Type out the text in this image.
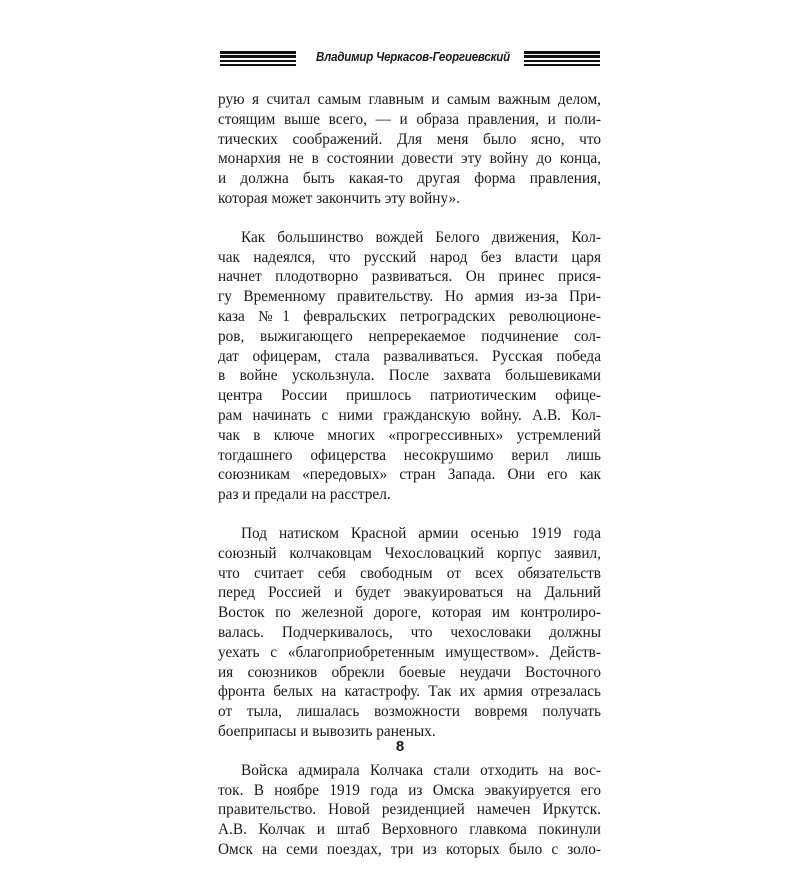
Владимир Черкасов-Георгиевский
рую я считал самым главным и самым важным делом,
стоящим выше всего, — и образа правления, и поли-
тических соображений. Для меня было ясно, что
монархия не в состоянии довести эту войну до конца,
и должна быть какая-то другая форма правления,
которая может закончить эту войну».
Как большинство вождей Белого движения, Кол-
чак надеялся, что русский народ без власти царя
начнет плодотворно развиваться. Он принес прися-
гу Временному правительству. Но армия из-за При-
каза №1 февральских петроградских революционе-
ров, выжигающего непререкаемое подчинение сол-
дат офицерам, стала разваливаться. Русская победа
в войне ускользнула. После захвата большевиками
центра России пришлось патриотическим офице-
рам начинать с ними гражданскую войну. А.В. Кол-
чак в ключе многих «прогрессивных» устремлений
тогдашнего офицерства несокрушимо верил лишь
союзникам «передовых» стран Запада. Они его как
раз и предали на расстрел.
Под натиском Красной армии осенью 1919 года
союзный колчаковцам Чехословацкий корпус заявил,
что считает себя свободным от всех обязательств
перед Россией и будет эвакуироваться на Дальний
Восток по железной дороге, которая им контролиро-
валась. Подчеркивалось, что чехословаки должны
уехать с «благоприобретенным имуществом». Действ-
ия союзников обрекли боевые неудачи Восточного
фронта белых на катастрофу. Так их армия отрезалась
от тыла, лишалась возможности вовремя получать
боеприпасы и вывозить раненых.
Войска адмирала Колчака стали отходить на вос-
ток. В ноябре 1919 года из Омска эвакуируется его
правительство. Новой резиденцией намечен Иркутск.
А.В. Колчак и штаб Верховного главкома покинули
Омск на семи поездах, три из которых было с золо-
8
